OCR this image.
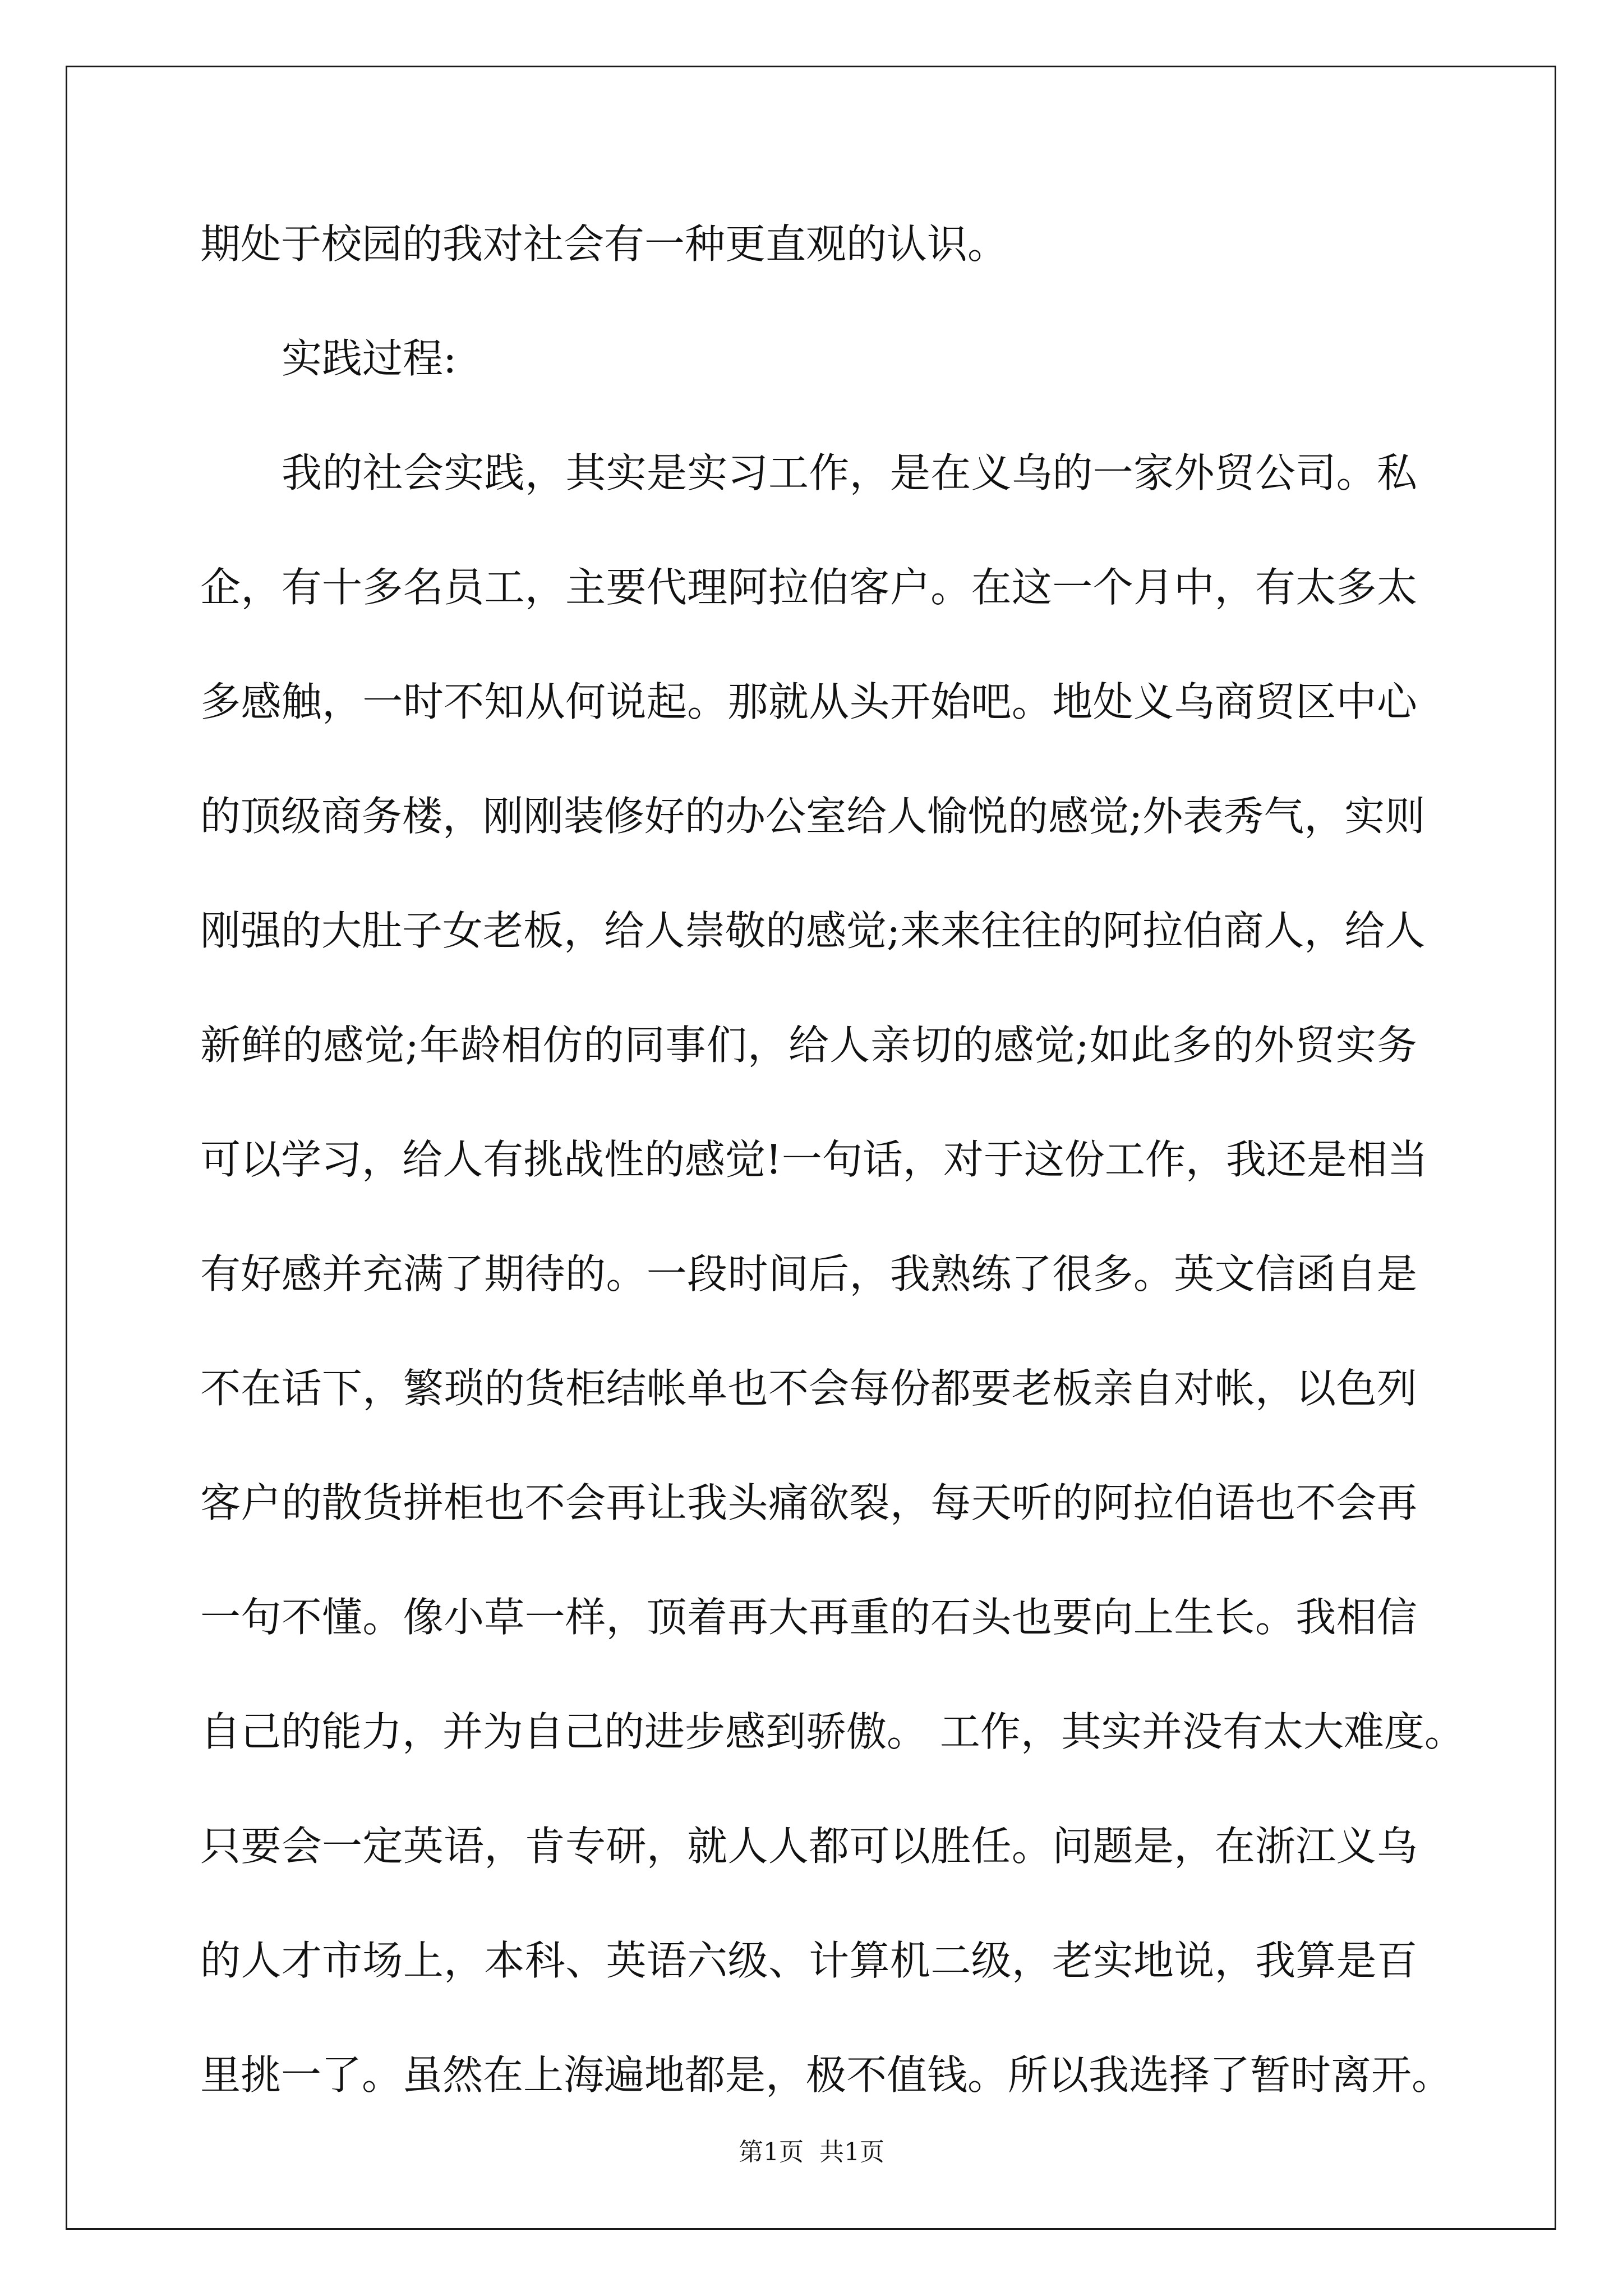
期处于校园的我对社会有一种更直观的认识。
实践过程:
我的社会实践，其实是实习工作，是在义乌的一家外贸公司。私
企，有十多名员工，主要代理阿拉伯客户。在这一个月中，有太多太
多感触，一时不知从何说起。那就从头开始吧。地处义乌商贸区中心
的顶级商务楼，刚刚装修好的办公室给人愉悦的感觉;外表秀气，实则
刚强的大肚子女老板，给人崇敬的感觉;来来往往的阿拉伯商人，给人
新鲜的感觉;年龄相仿的同事们，给人亲切的感觉;如此多的外贸实务
可以学习，给人有挑战性的感觉!一句话，对于这份工作，我还是相当
有好感并充满了期待的。一段时间后，我熟练了很多。英文信函自是
不在话下，繁琐的货柜结帐单也不会每份都要老板亲自对帐，以色列
客户的散货拼柜也不会再让我头痛欲裂，每天听的阿拉伯语也不会再
一句不懂。像小草一样，顶着再大再重的石头也要向上生长。我相信
自己的能力，并为自己的进步感到骄傲。 工作，其实并没有太大难度。
只要会一定英语，肯专研，就人人都可以胜任。问题是，在浙江义乌
的人才市场上，本科、英语六级、计算机二级，老实地说，我算是百
里挑一了。虽然在上海遍地都是，极不值钱。所以我选择了暂时离开。
第1页  共1页
